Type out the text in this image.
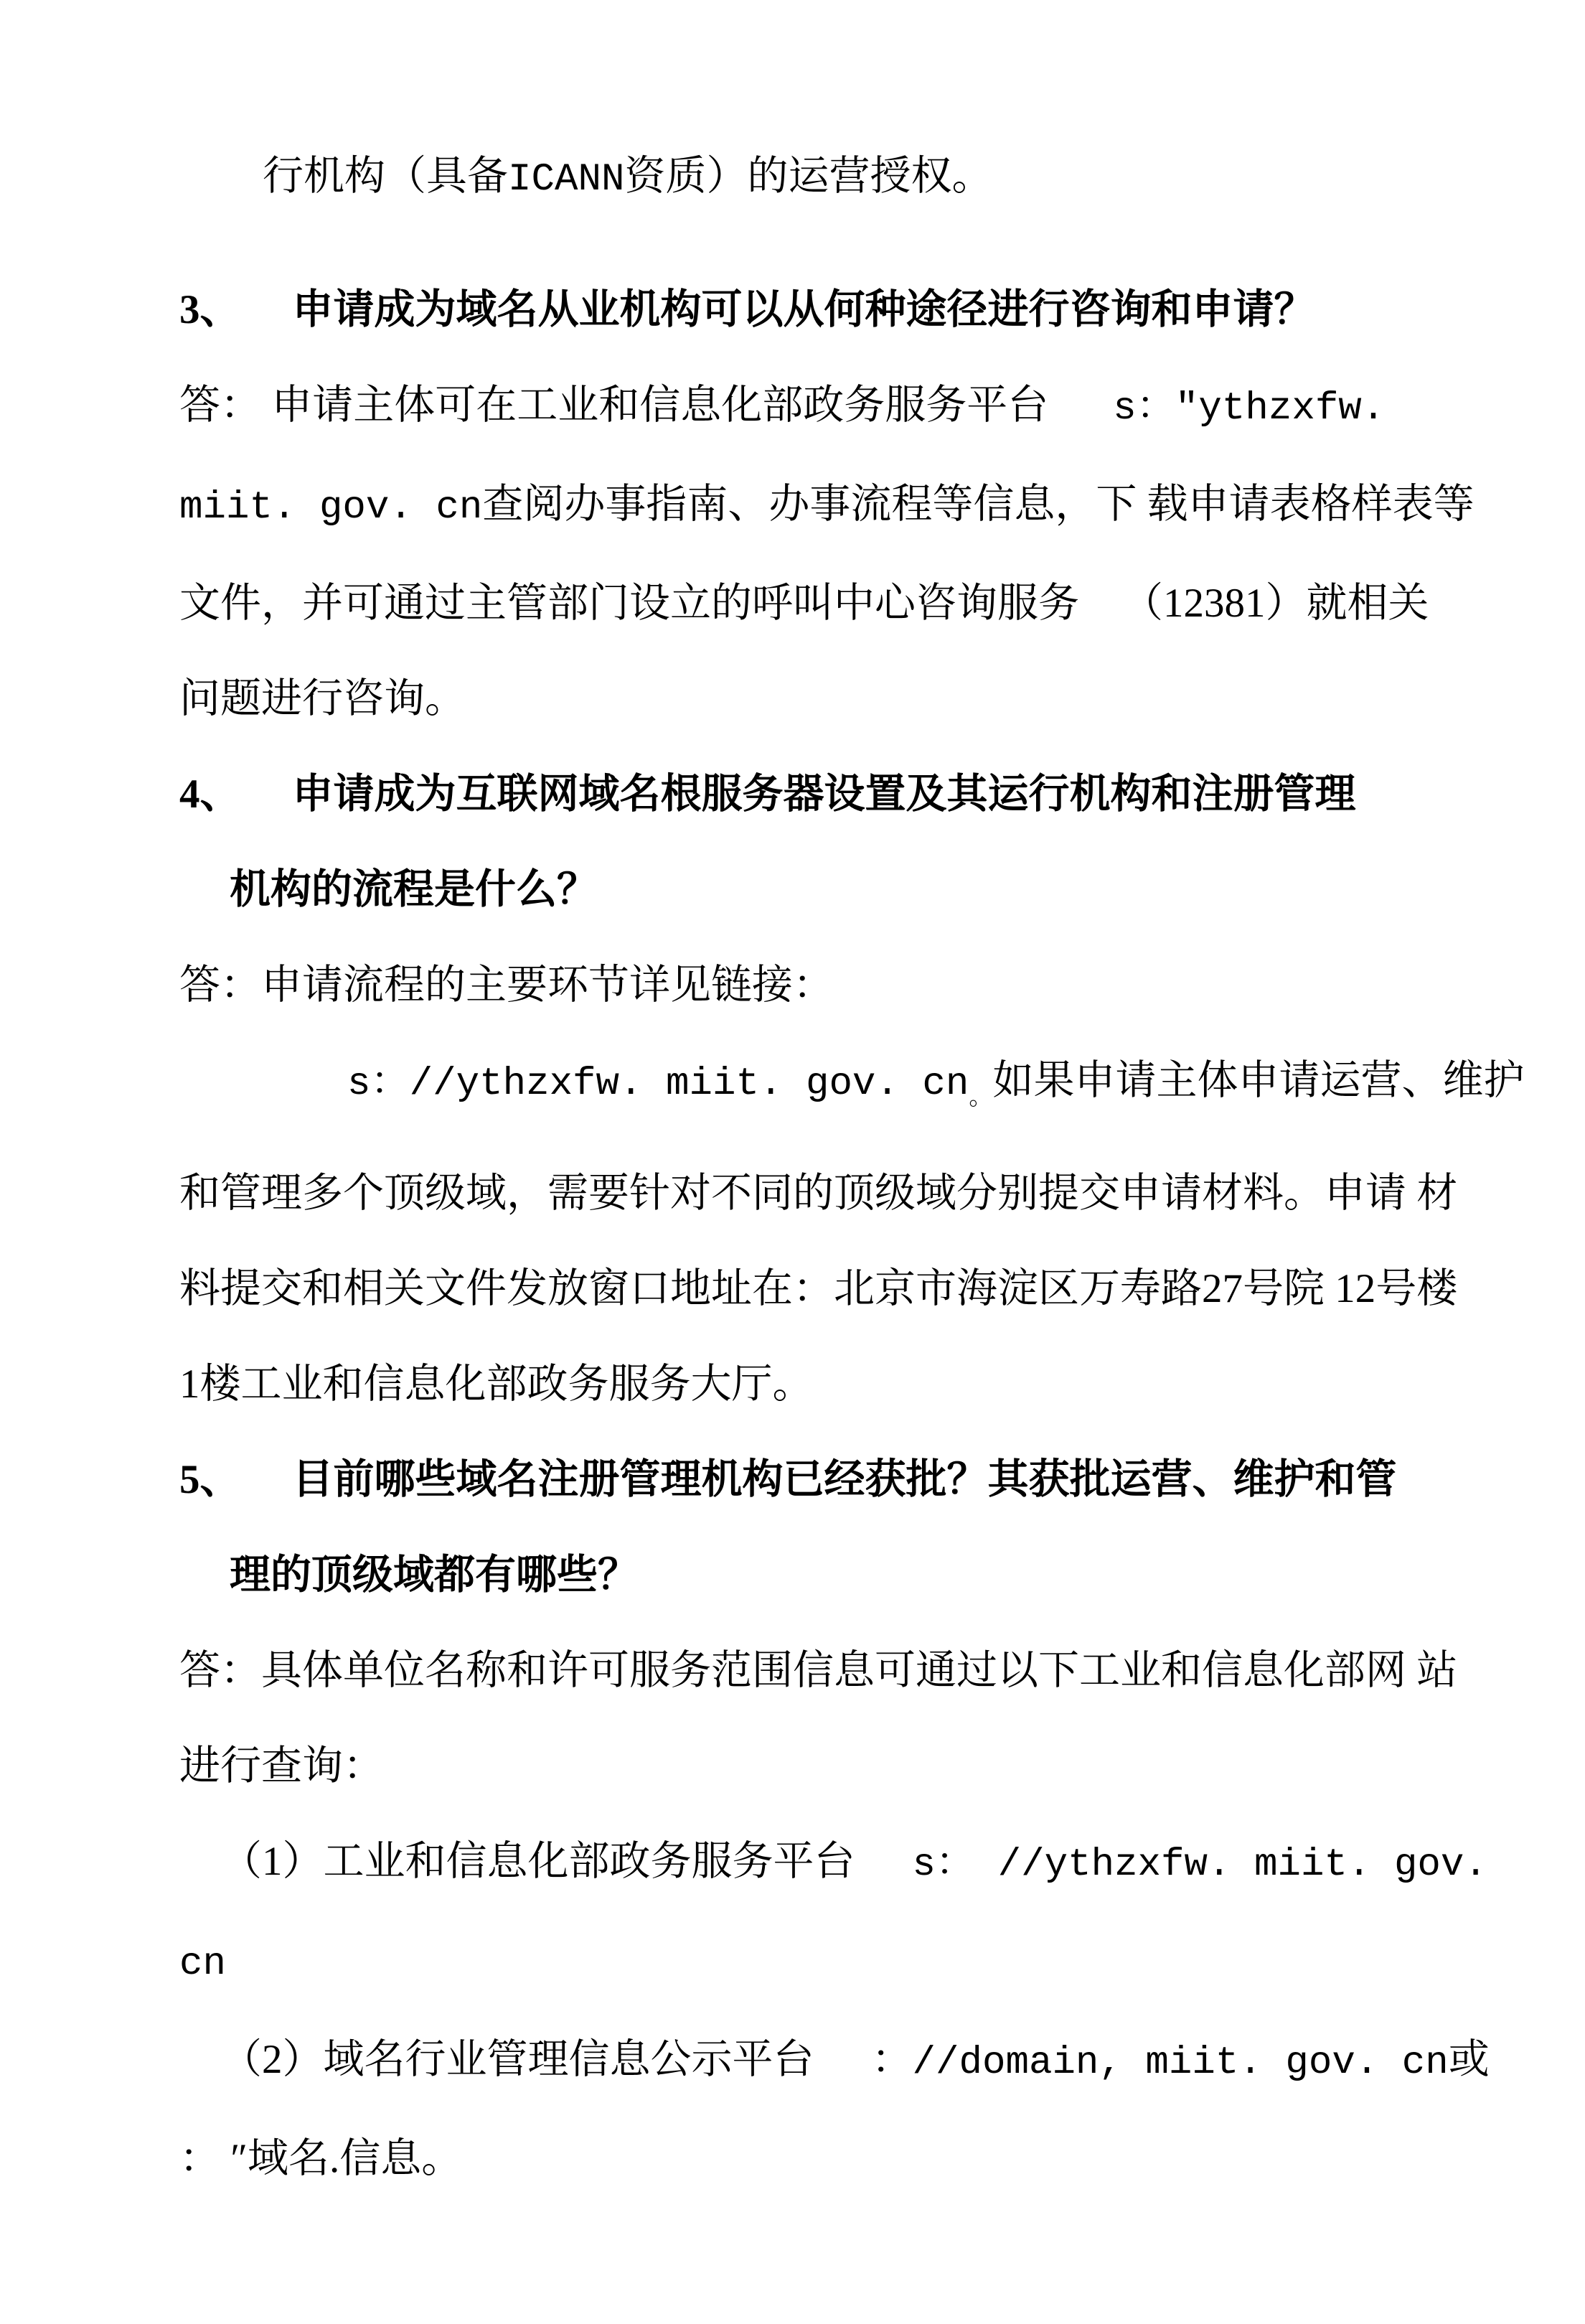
行机构（具备ICANN资质）的运营授权。
3、 申请成为域名从业机构可以从何种途径进行咨询和申请？
答： 申请主体可在工业和信息化部政务服务平台 s：″ythzxfw.
miit. gov. cn查阅办事指南、办事流程等信息，下 载申请表格样表等
文件，并可通过主管部门设立的呼叫中心咨询服务 （12381）就相关
问题进行咨询。
4、 申请成为互联网域名根服务器设置及其运行机构和注册管理
机构的流程是什么？
答：申请流程的主要环节详见链接：
s：//ythzxfw. miit. gov. $cn_。$如果申请主体申请运营、维护
和管理多个顶级域，需要针对不同的顶级域分别提交申请材料。申请 材
料提交和相关文件发放窗口地址在：北京市海淀区万寿路27号院 12号楼
1楼工业和信息化部政务服务大厅。
5、 目前哪些域名注册管理机构已经获批？其获批运营、维护和管
理的顶级域都有哪些？
答：具体单位名称和许可服务范围信息可通过以下工业和信息化部网 站
进行查询：
（1）工业和信息化部政务服务平台 s： //ythzxfw. miit. gov.
cn
（2）域名行业管理信息公示平台 ：//domain, miit. gov. cn或
： ″域名.信息。
